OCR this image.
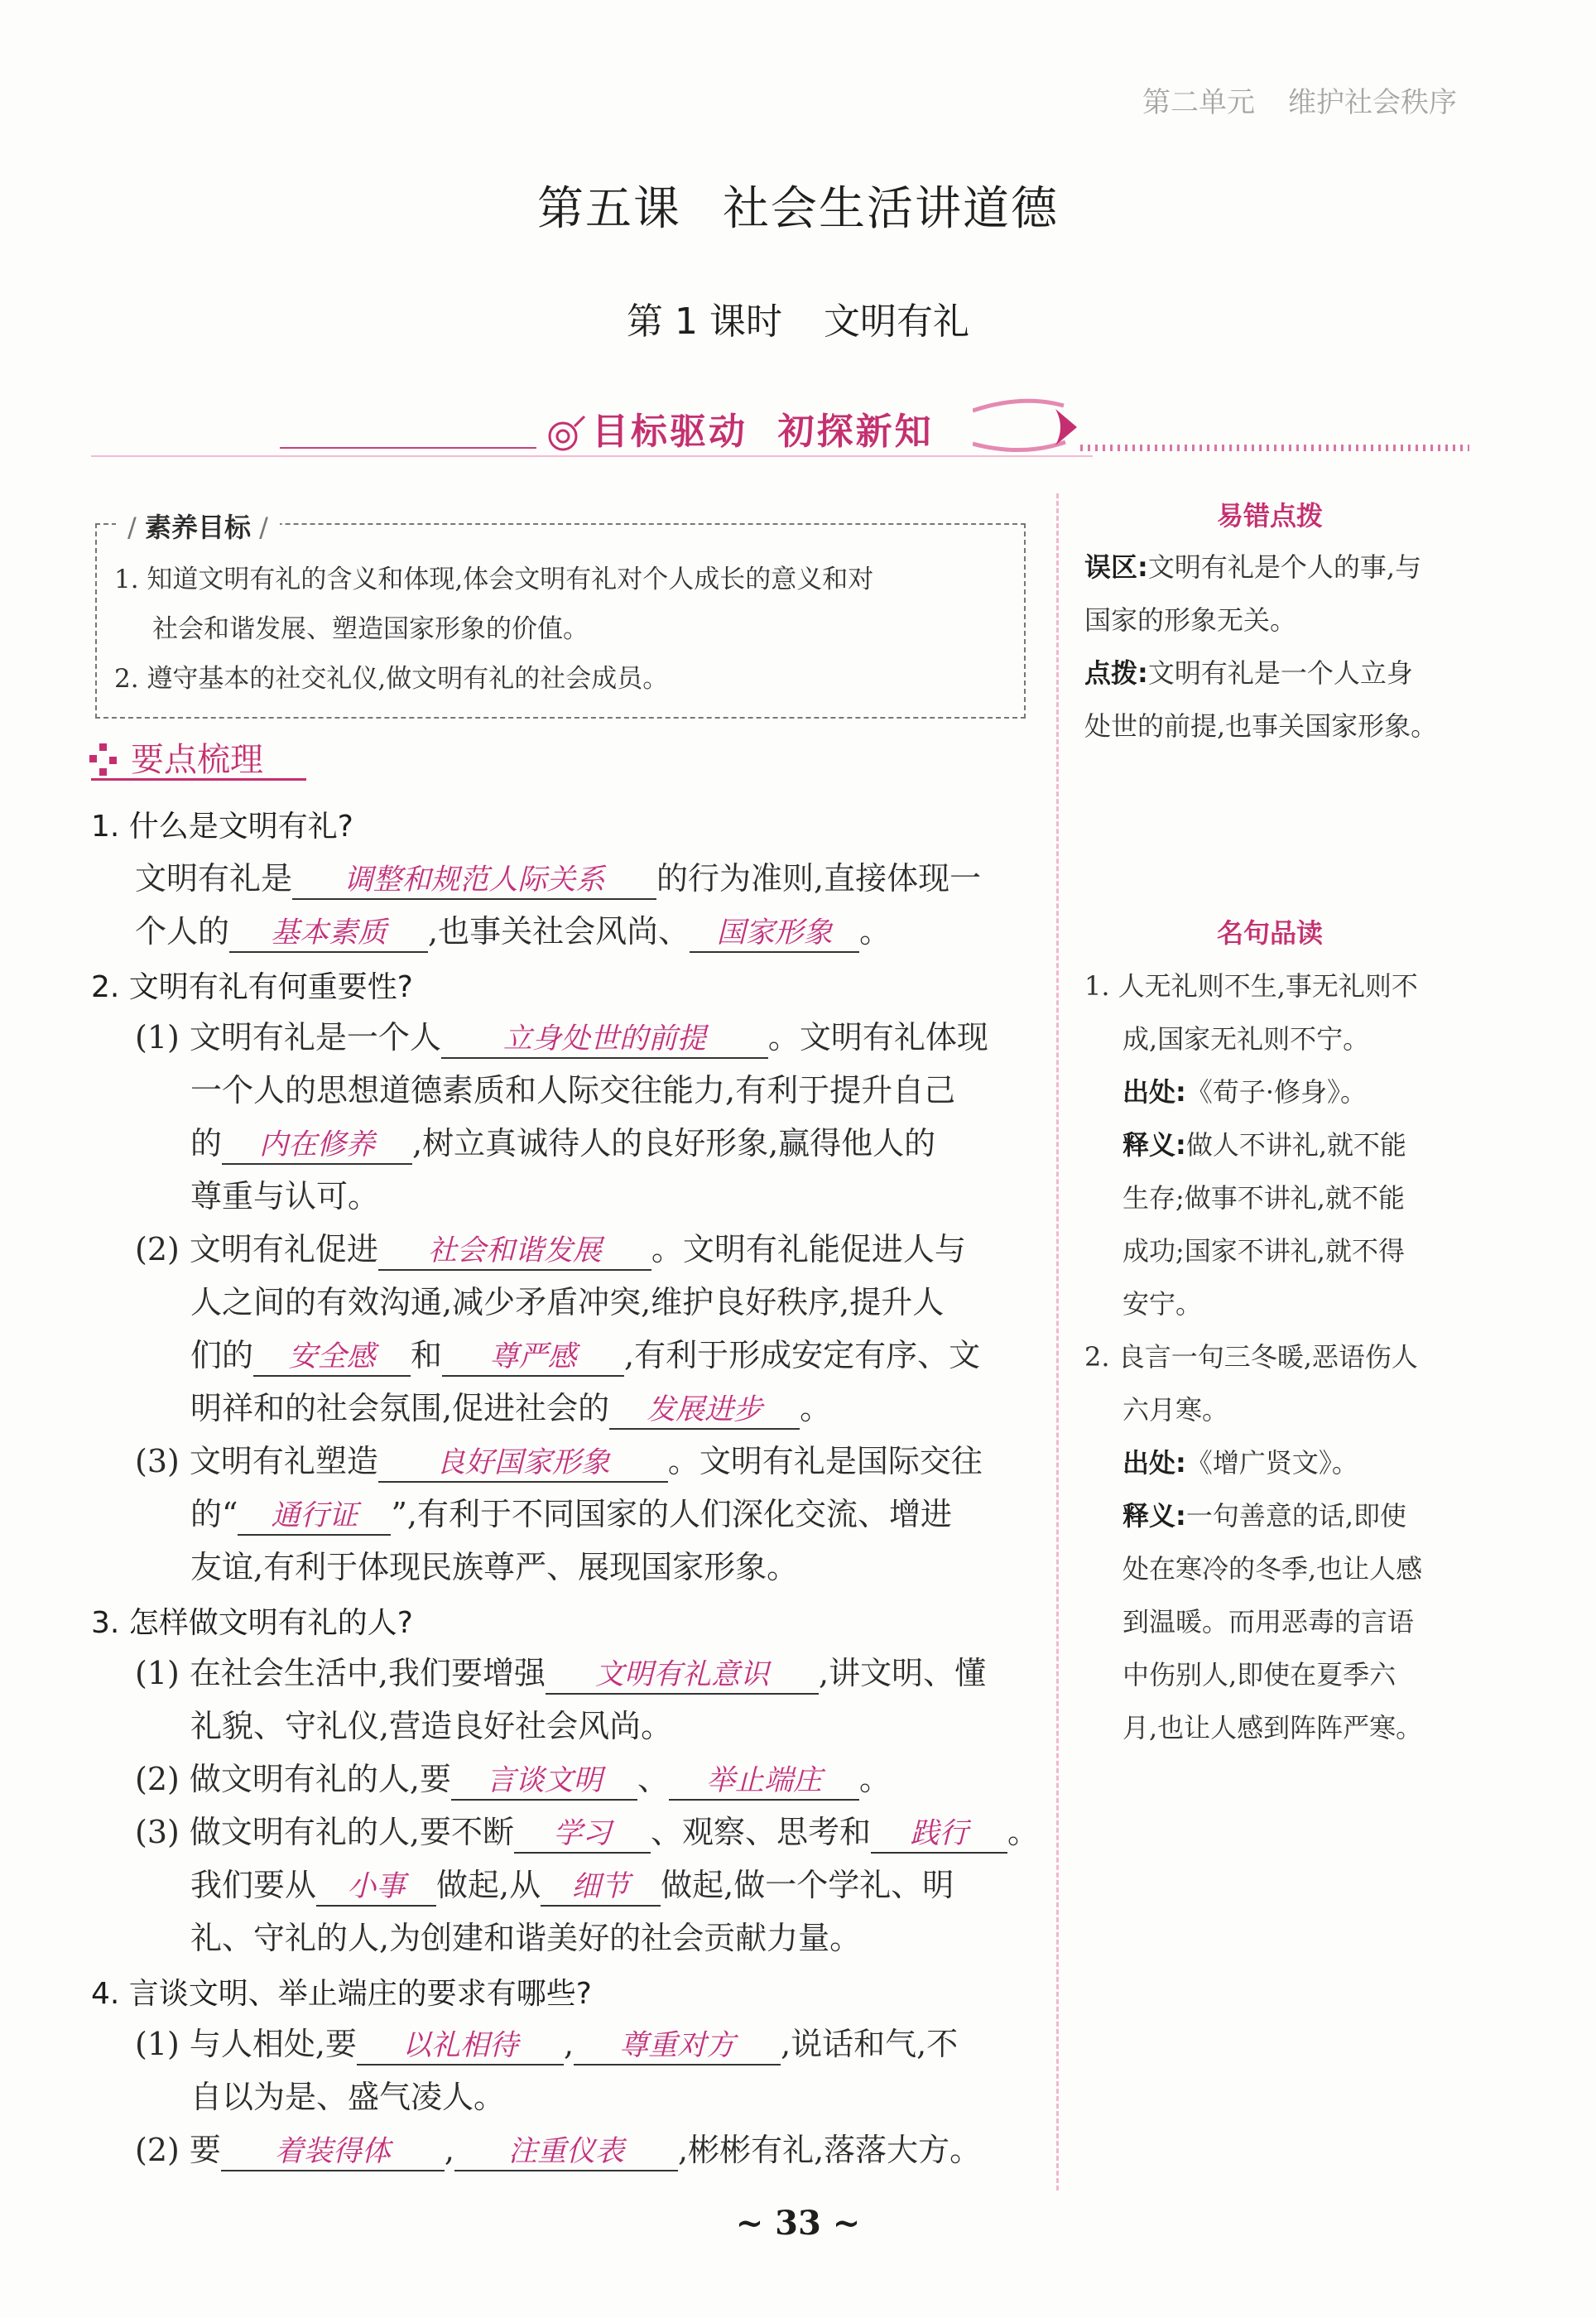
第二单元 维护社会秩序
第五课 社会生活讲道德
第 1 课时 文明有礼
目标驱动 初探新知
/ 素养目标 /
1. 知道文明有礼的含义和体现,体会文明有礼对个人成长的意义和对
社会和谐发展、塑造国家形象的价值。
2. 遵守基本的社交礼仪,做文明有礼的社会成员。
要点梳理
1. 什么是文明有礼?
文明有礼是 调整和规范人际关系 的行为准则,直接体现一
个人的 基本素质 ,也事关社会风尚、 国家形象 。
2. 文明有礼有何重要性?
(1) 文明有礼是一个人 立身处世的前提 。文明有礼体现
一个人的思想道德素质和人际交往能力,有利于提升自己
的 内在修养 ,树立真诚待人的良好形象,赢得他人的
尊重与认可。
(2) 文明有礼促进 社会和谐发展 。文明有礼能促进人与
人之间的有效沟通,减少矛盾冲突,维护良好秩序,提升人
们的 安全感 和 尊严感 ,有利于形成安定有序、文
明祥和的社会氛围,促进社会的 发展进步 。
(3) 文明有礼塑造 良好国家形象 。文明有礼是国际交往
的“ 通行证 ”,有利于不同国家的人们深化交流、增进
友谊,有利于体现民族尊严、展现国家形象。
3. 怎样做文明有礼的人?
(1) 在社会生活中,我们要增强 文明有礼意识 ,讲文明、懂
礼貌、守礼仪,营造良好社会风尚。
(2) 做文明有礼的人,要 言谈文明 、 举止端庄 。
(3) 做文明有礼的人,要不断 学习 、观察、思考和 践行 。
我们要从 小事 做起,从 细节 做起,做一个学礼、明
礼、守礼的人,为创建和谐美好的社会贡献力量。
4. 言谈文明、举止端庄的要求有哪些?
(1) 与人相处,要 以礼相待 , 尊重对方 ,说话和气,不
自以为是、盛气凌人。
(2) 要 着装得体 , 注重仪表 ,彬彬有礼,落落大方。
易错点拨
误区:文明有礼是个人的事,与
国家的形象无关。
点拨:文明有礼是一个人立身
处世的前提,也事关国家形象。
名句品读
1. 人无礼则不生,事无礼则不
成,国家无礼则不宁。
出处:《荀子·修身》。
释义:做人不讲礼,就不能
生存;做事不讲礼,就不能
成功;国家不讲礼,就不得
安宁。
2. 良言一句三冬暖,恶语伤人
六月寒。
出处:《增广贤文》。
释义:一句善意的话,即使
处在寒冷的冬季,也让人感
到温暖。而用恶毒的言语
中伤别人,即使在夏季六
月,也让人感到阵阵严寒。
~ 33 ~
